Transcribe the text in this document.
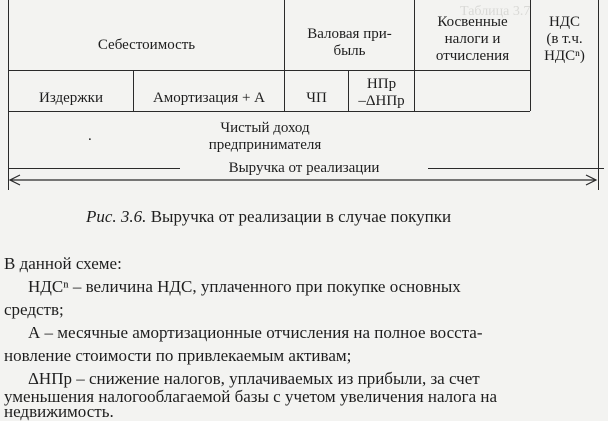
Таблица 3.7
Себестоимость
Валовая при-
быль
Косвенные
налоги и
отчисления
НДС
(в т.ч.
НДСⁿ)
Издержки	Амортизация + А	ЧП
НПр
–ΔНПр
Чистый доход
предпринимателя
.
Выручка от реализации
Рис. 3.6. Выручка от реализации в случае покупки
В данной схеме:
НДСⁿ – величина НДС, уплаченного при покупке основных
средств;
А – месячные амортизационные отчисления на полное восста-
новление стоимости по привлекаемым активам;
ΔНПр – снижение налогов, уплачиваемых из прибыли, за счет
уменьшения налогооблагаемой базы с учетом увеличения налога на
недвижимость.
